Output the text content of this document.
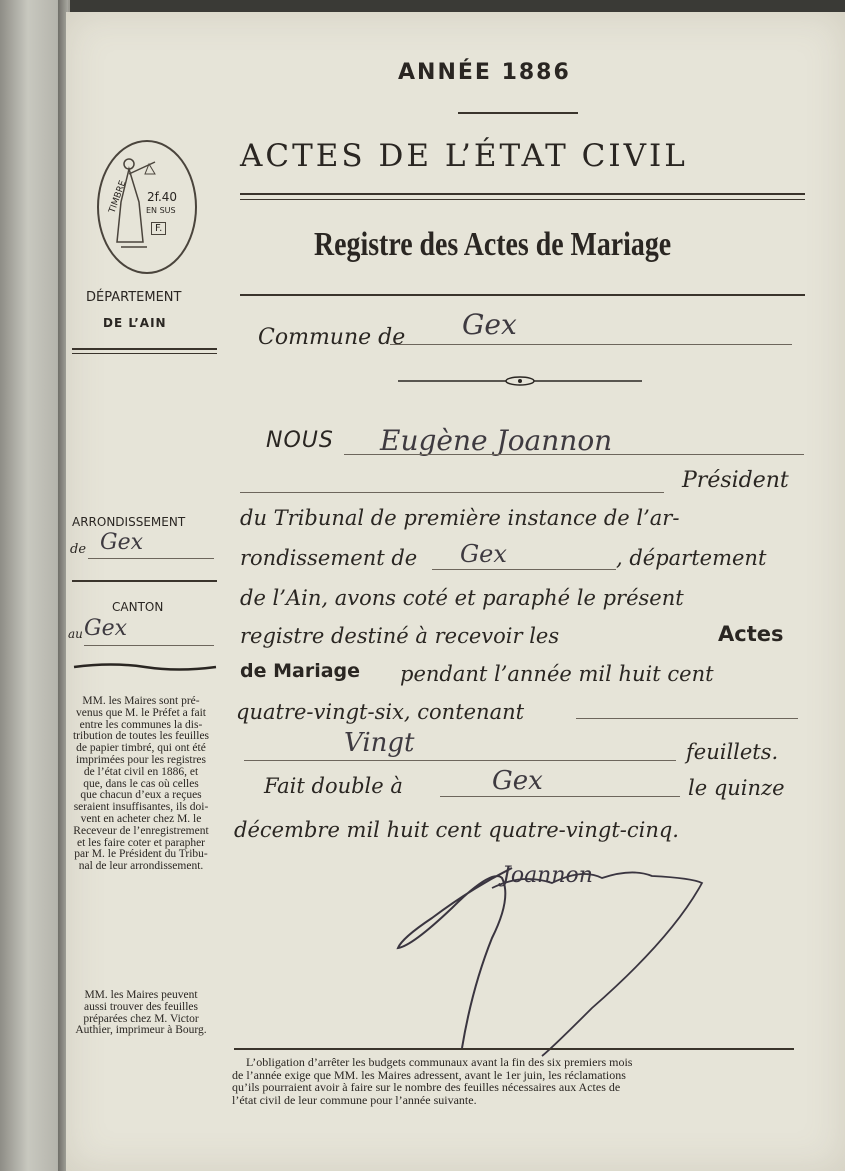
ANNÉE 1886
ACTES DE L’ÉTAT CIVIL
Registre des Actes de Mariage
TIMBRE 2f.40
EN SUS
F.
DÉPARTEMENT
DE L’AIN
ARRONDISSEMENT
de Gex
CANTON
au Gex
MM. les Maires sont pré-
venus que M. le Préfet a fait
entre les communes la dis-
tribution de toutes les feuilles
de papier timbré, qui ont été
imprimées pour les registres
de l’état civil en 1886, et
que, dans le cas où celles
que chacun d’eux a reçues
seraient insuffisantes, ils doi-
vent en acheter chez M. le
Receveur de l’enregistrement
et les faire coter et parapher
par M. le Président du Tribu-
nal de leur arrondissement.
MM. les Maires peuvent
aussi trouver des feuilles
préparées chez M. Victor
Authier, imprimeur à Bourg.
Commune de Gex
NOUS Eugène Joannon
Président
du Tribunal de première instance de l’ar-
rondissement de Gex	, département
de l’Ain, avons coté et paraphé le présent
registre destiné à recevoir les	Actes
de Mariage pendant l’année mil huit cent
quatre-vingt-six, contenant
Vingt	feuillets.
Fait double à	Gex	le quinze
décembre mil huit cent quatre-vingt-cinq.
Joannon
L’obligation d’arrêter les budgets communaux avant la fin des six premiers mois
de l’année exige que MM. les Maires adressent, avant le 1er juin, les réclamations
qu’ils pourraient avoir à faire sur le nombre des feuilles nécessaires aux Actes de
l’état civil de leur commune pour l’année suivante.
